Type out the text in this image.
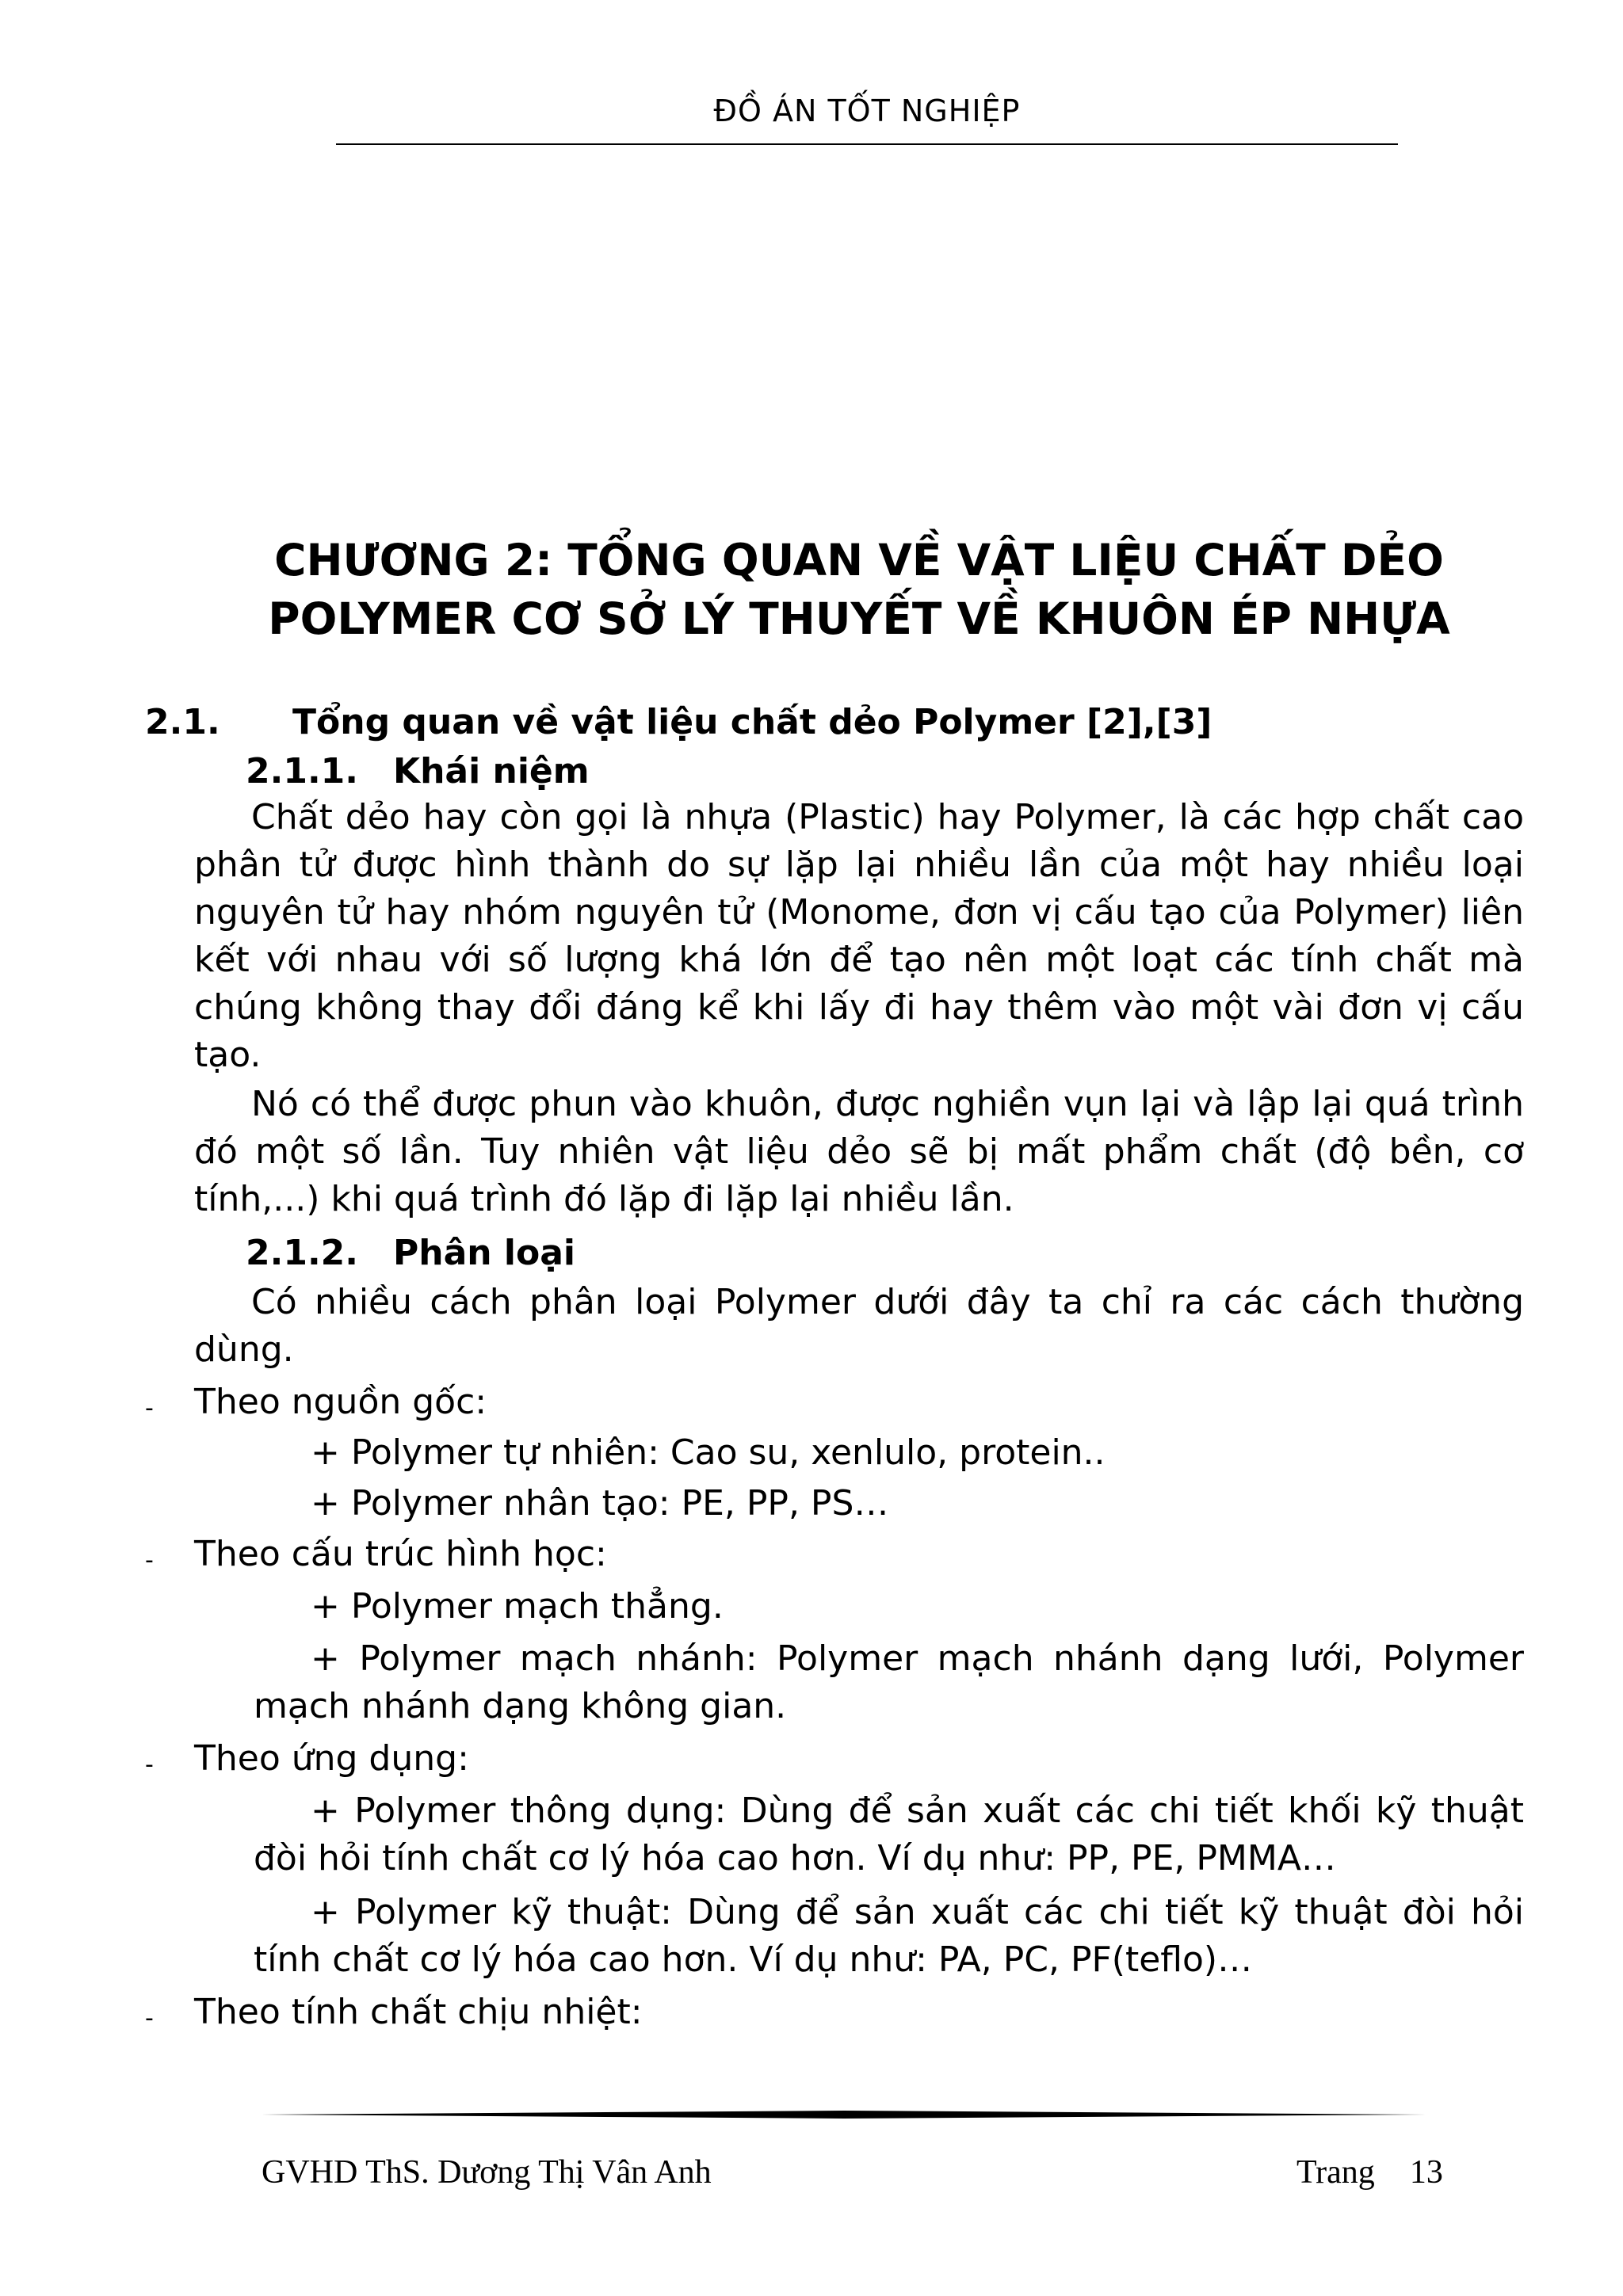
ĐỒ ÁN TỐT NGHIỆP
CHƯƠNG 2: TỔNG QUAN VỀ VẬT LIỆU CHẤT DẺO
POLYMER CƠ SỞ LÝ THUYẾT VỀ KHUÔN ÉP NHỰA
2.1. Tổng quan về vật liệu chất dẻo Polymer [2],[3]
2.1.1. Khái niệm

Chất dẻo hay còn gọi là nhựa (Plastic) hay Polymer, là các hợp chất cao phân tử được hình thành do sự lặp lại nhiều lần của một hay nhiều loại nguyên tử hay nhóm nguyên tử (Monome, đơn vị cấu tạo của Polymer) liên kết với nhau với số lượng khá lớn để tạo nên một loạt các tính chất mà chúng không thay đổi đáng kể khi lấy đi hay thêm vào một vài đơn vị cấu tạo.

Nó có thể được phun vào khuôn, được nghiền vụn lại và lập lại quá trình đó một số lần. Tuy nhiên vật liệu dẻo sẽ bị mất phẩm chất (độ bền, cơ tính,...) khi quá trình đó lặp đi lặp lại nhiều lần.

2.1.2. Phân loại

Có nhiều cách phân loại Polymer dưới đây ta chỉ ra các cách thường dùng.

- Theo nguồn gốc:

+ Polymer tự nhiên: Cao su, xenlulo, protein..

+ Polymer nhân tạo: PE, PP, PS…

- Theo cấu trúc hình học:

+ Polymer mạch thẳng.

+ Polymer mạch nhánh: Polymer mạch nhánh dạng lưới, Polymer mạch nhánh dạng không gian.

- Theo ứng dụng:

+ Polymer thông dụng: Dùng để sản xuất các chi tiết khối kỹ thuật đòi hỏi tính chất cơ lý hóa cao hơn. Ví dụ như: PP, PE, PMMA…

+ Polymer kỹ thuật: Dùng để sản xuất các chi tiết kỹ thuật đòi hỏi tính chất cơ lý hóa cao hơn. Ví dụ như: PA, PC, PF(teflo)…

- Theo tính chất chịu nhiệt:
GVHD ThS. Dương Thị Vân Anh	Trang 13
